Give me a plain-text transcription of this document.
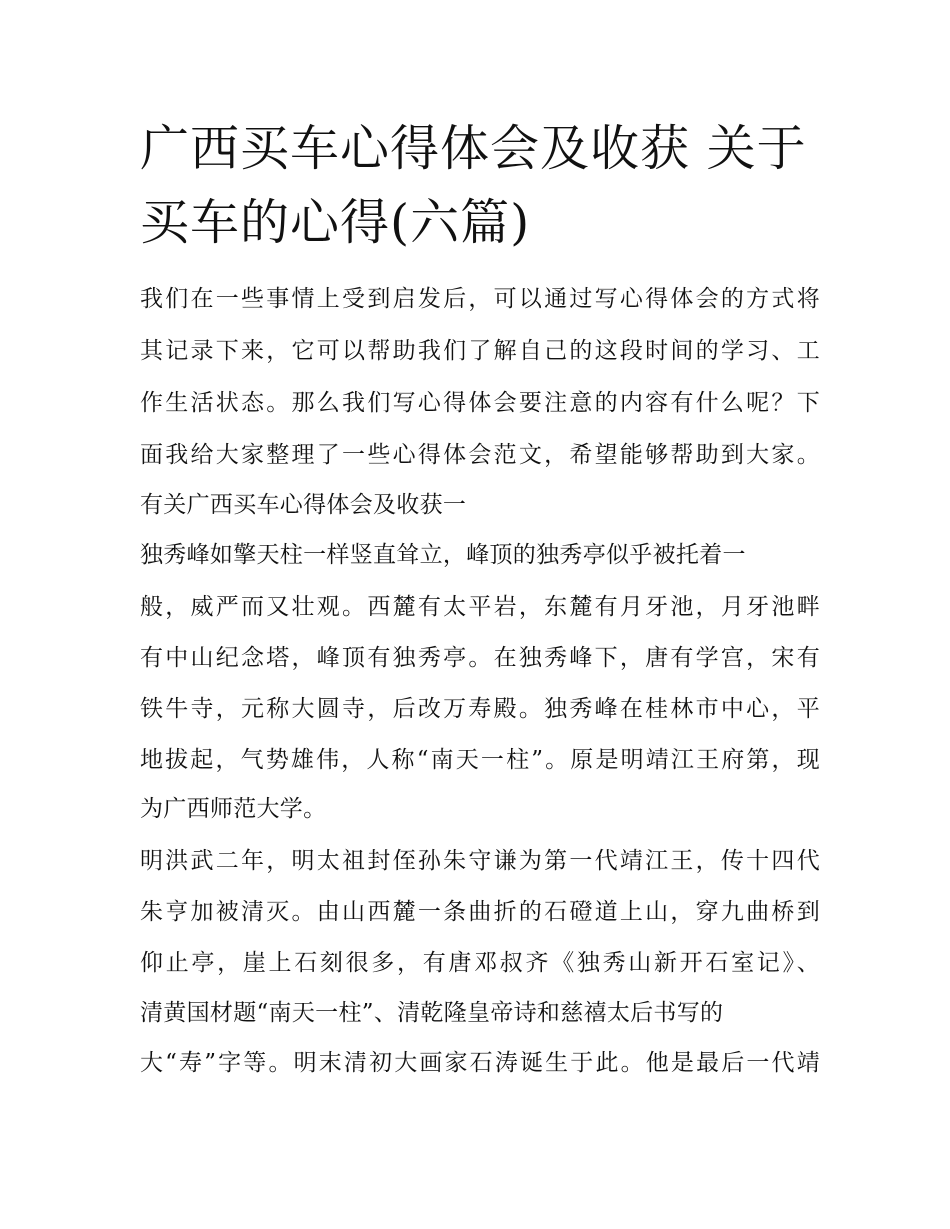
广西买车心得体会及收获 关于买车的心得(六篇)

我们在一些事情上受到启发后，可以通过写心得体会的方式将

其记录下来，它可以帮助我们了解自己的这段时间的学习、工

作生活状态。那么我们写心得体会要注意的内容有什么呢？下

面我给大家整理了一些心得体会范文，希望能够帮助到大家。

有关广西买车心得体会及收获一

独秀峰如擎天柱一样竖直耸立，峰顶的独秀亭似乎被托着一

般，威严而又壮观。西麓有太平岩，东麓有月牙池，月牙池畔

有中山纪念塔，峰顶有独秀亭。在独秀峰下，唐有学宫，宋有

铁牛寺，元称大圆寺，后改万寿殿。独秀峰在桂林市中心，平

地拔起，气势雄伟，人称“南天一柱”。原是明靖江王府第，现

为广西师范大学。

明洪武二年，明太祖封侄孙朱守谦为第一代靖江王，传十四代

朱亨加被清灭。由山西麓一条曲折的石磴道上山，穿九曲桥到

仰止亭，崖上石刻很多，有唐邓叔齐《独秀山新开石室记》、

清黄国材题“南天一柱”、清乾隆皇帝诗和慈禧太后书写的

大“寿”字等。明末清初大画家石涛诞生于此。他是最后一代靖
